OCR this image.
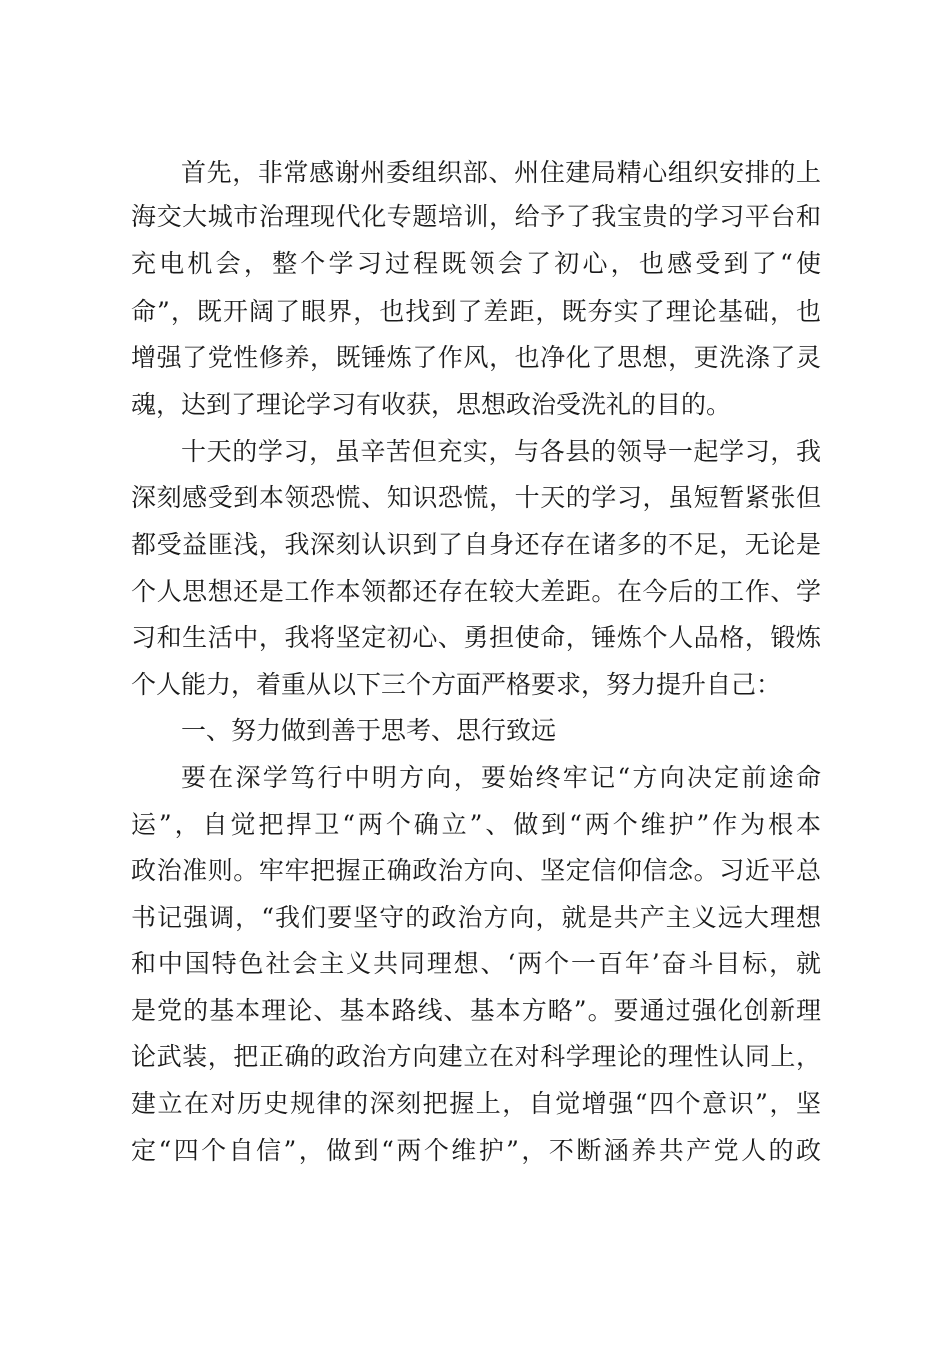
首先，非常感谢州委组织部、州住建局精心组织安排的上
海交大城市治理现代化专题培训，给予了我宝贵的学习平台和
充电机会，整个学习过程既领会了初心，也感受到了“使
命”，既开阔了眼界，也找到了差距，既夯实了理论基础，也
增强了党性修养，既锤炼了作风，也净化了思想，更洗涤了灵
魂，达到了理论学习有收获，思想政治受洗礼的目的。
十天的学习，虽辛苦但充实，与各县的领导一起学习，我
深刻感受到本领恐慌、知识恐慌，十天的学习，虽短暂紧张但
都受益匪浅，我深刻认识到了自身还存在诸多的不足，无论是
个人思想还是工作本领都还存在较大差距。在今后的工作、学
习和生活中，我将坚定初心、勇担使命，锤炼个人品格，锻炼
个人能力，着重从以下三个方面严格要求，努力提升自己：
一、努力做到善于思考、思行致远
要在深学笃行中明方向，要始终牢记“方向决定前途命
运”，自觉把捍卫“两个确立”、做到“两个维护”作为根本
政治准则。牢牢把握正确政治方向、坚定信仰信念。习近平总
书记强调，“我们要坚守的政治方向，就是共产主义远大理想
和中国特色社会主义共同理想、‘两个一百年’奋斗目标，就
是党的基本理论、基本路线、基本方略”。要通过强化创新理
论武装，把正确的政治方向建立在对科学理论的理性认同上，
建立在对历史规律的深刻把握上，自觉增强“四个意识”，坚
定“四个自信”，做到“两个维护”，不断涵养共产党人的政
